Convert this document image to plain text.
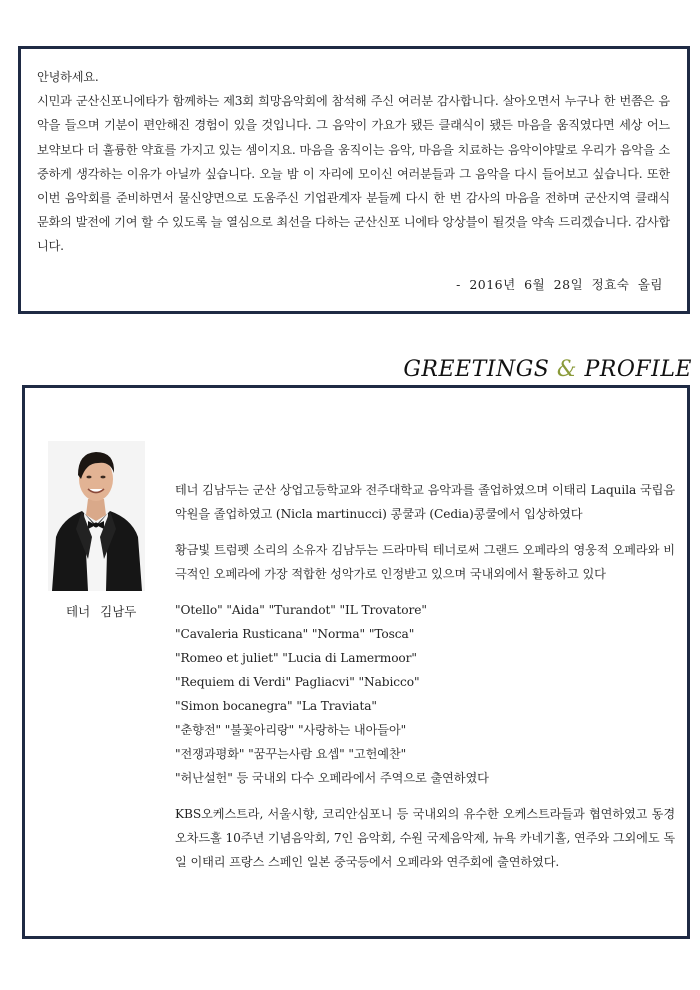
안녕하세요.

시민과 군산신포니에타가 함께하는 제3회 희망음악회에 참석해 주신 여러분 감사합니다. 살아오면서 누구나 한 번쯤은 음악을 들으며 기분이 편안해진 경험이 있을 것입니다. 그 음악이 가요가 됐든 클래식이 됐든 마음을 움직였다면 세상 어느 보약보다 더 훌륭한 약효를 가지고 있는 셈이지요. 마음을 움직이는 음악, 마음을 치료하는 음악이야말로 우리가 음악을 소중하게 생각하는 이유가 아닐까 싶습니다. 오늘 밤 이 자리에 모이신 여러분들과 그 음악을 다시 들어보고 싶습니다. 또한 이번 음악회를 준비하면서 물신양면으로 도움주신 기업관계자 분들께 다시 한 번 감사의 마음을 전하며 군산지역 클래식 문화의 발전에 기여 할 수 있도록 늘 열심으로 최선을 다하는 군산신포 니에타 앙상블이 될것을 약속 드리겠습니다. 감사합니다.

- 2016년 6월 28일 정효숙 올림
GREETINGS & PROFILE
테너 김남두

테너 김남두는 군산 상업고등학교와 전주대학교 음악과를 졸업하였으며 이태리 Laquila 국립음악원을 졸업하였고 (Nicla martinucci) 콩쿨과 (Cedia)콩쿨에서 입상하였다

황금빛 트럼펫 소리의 소유자 김남두는 드라마틱 테너로써 그랜드 오페라의 영웅적 오페라와 비극적인 오페라에 가장 적합한 성악가로 인정받고 있으며 국내외에서 활동하고 있다

"Otello" "Aida" "Turandot" "IL Trovatore"
"Cavaleria Rusticana" "Norma" "Tosca"
"Romeo et juliet" "Lucia di Lamermoor"
"Requiem di Verdi" Pagliacvi" "Nabicco"
"Simon bocanegra" "La Traviata"
"춘향전" "불꽃아리랑" "사랑하는 내아들아"
"전쟁과평화" "꿈꾸는사람 요셉" "고헌예찬"
"허난설헌" 등 국내외 다수 오페라에서 주역으로 출연하였다

KBS오케스트라, 서울시향, 코리안심포니 등 국내외의 유수한 오케스트라들과 협연하였고 동경 오차드홀 10주년 기념음악회, 7인 음악회, 수원 국제음악제, 뉴욕 카네기홀, 연주와 그외에도 독일 이태리 프랑스 스페인 일본 중국등에서 오페라와 연주회에 출연하였다.
